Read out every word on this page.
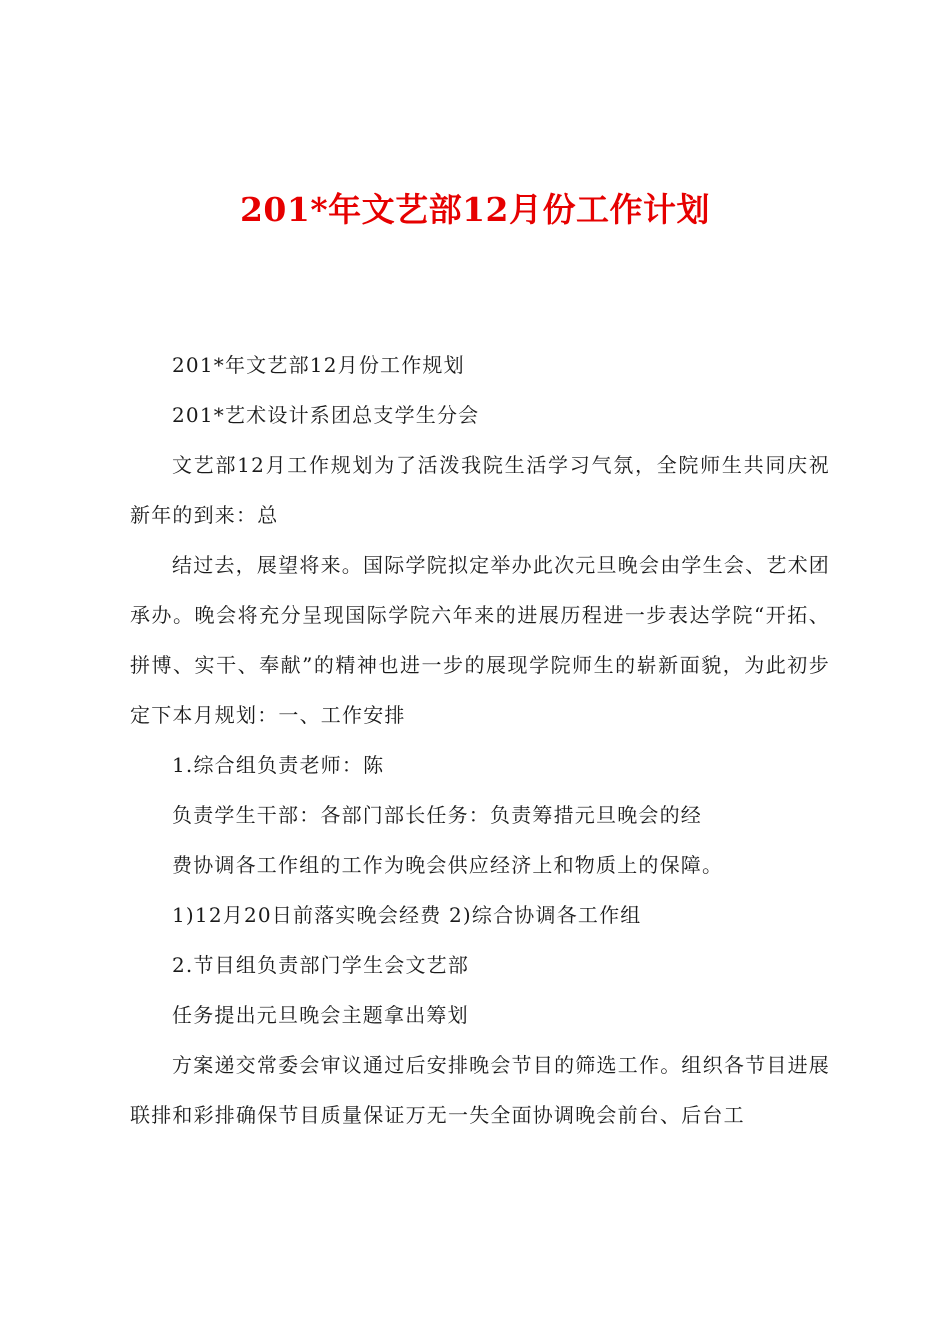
201*年文艺部12月份工作计划

201*年文艺部12月份工作规划

201*艺术设计系团总支学生分会

文艺部12月工作规划为了活泼我院生活学习气氛，全院师生共同庆祝新年的到来：总

结过去，展望将来。国际学院拟定举办此次元旦晚会由学生会、艺术团承办。晚会将充分呈现国际学院六年来的进展历程进一步表达学院“开拓、拼博、实干、奉献”的精神也进一步的展现学院师生的崭新面貌，为此初步定下本月规划：一、工作安排

1.综合组负责老师：陈

负责学生干部：各部门部长任务：负责筹措元旦晚会的经

费协调各工作组的工作为晚会供应经济上和物质上的保障。

1)12月20日前落实晚会经费 2)综合协调各工作组

2.节目组负责部门学生会文艺部

任务提出元旦晚会主题拿出筹划

方案递交常委会审议通过后安排晚会节目的筛选工作。组织各节目进展联排和彩排确保节目质量保证万无一失全面协调晚会前台、后台工
